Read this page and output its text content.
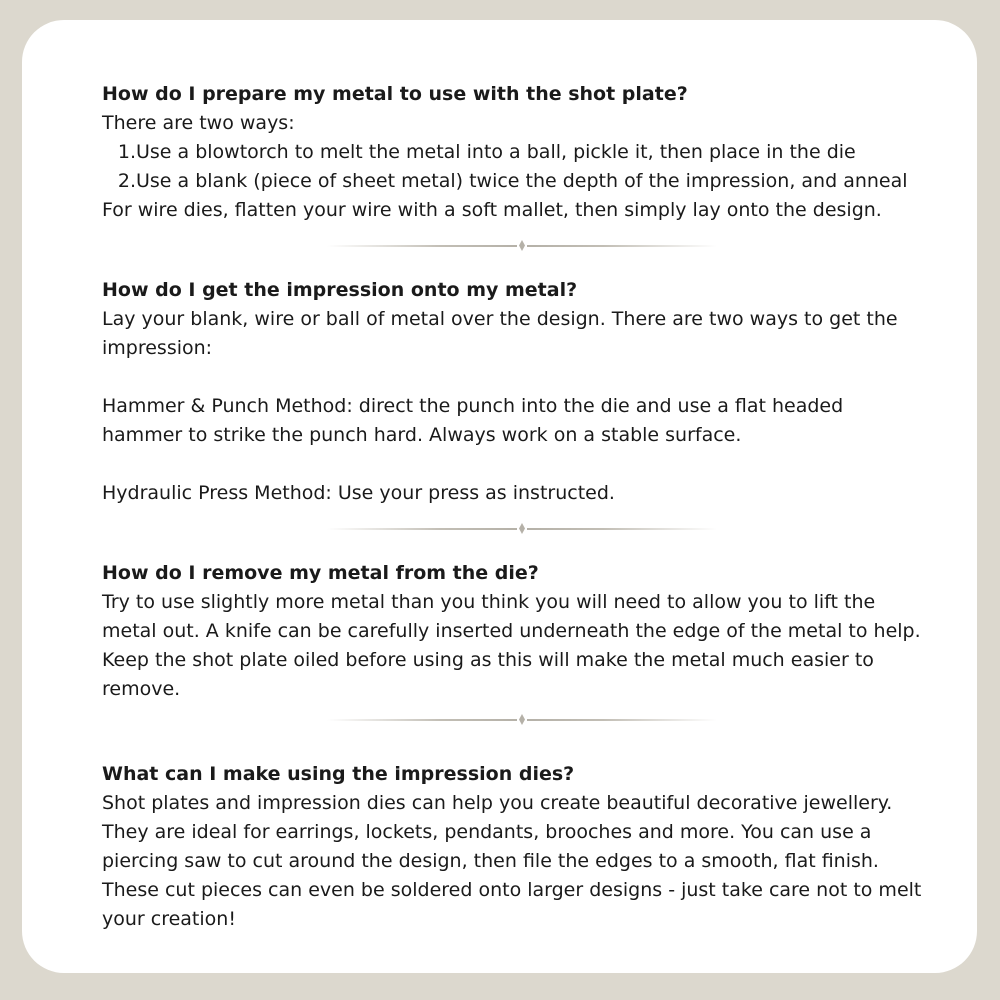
How do I prepare my metal to use with the shot plate?

There are two ways:

1. Use a blowtorch to melt the metal into a ball, pickle it, then place in the die
2. Use a blank (piece of sheet metal) twice the depth of the impression, and anneal

For wire dies, flatten your wire with a soft mallet, then simply lay onto the design.

How do I get the impression onto my metal?

Lay your blank, wire or ball of metal over the design. There are two ways to get the

impression:

Hammer & Punch Method: direct the punch into the die and use a flat headed

hammer to strike the punch hard. Always work on a stable surface.

Hydraulic Press Method: Use your press as instructed.

How do I remove my metal from the die?

Try to use slightly more metal than you think you will need to allow you to lift the

metal out. A knife can be carefully inserted underneath the edge of the metal to help.

Keep the shot plate oiled before using as this will make the metal much easier to

remove.

What can I make using the impression dies?

Shot plates and impression dies can help you create beautiful decorative jewellery.

They are ideal for earrings, lockets, pendants, brooches and more. You can use a

piercing saw to cut around the design, then file the edges to a smooth, flat finish.

These cut pieces can even be soldered onto larger designs - just take care not to melt

your creation!
